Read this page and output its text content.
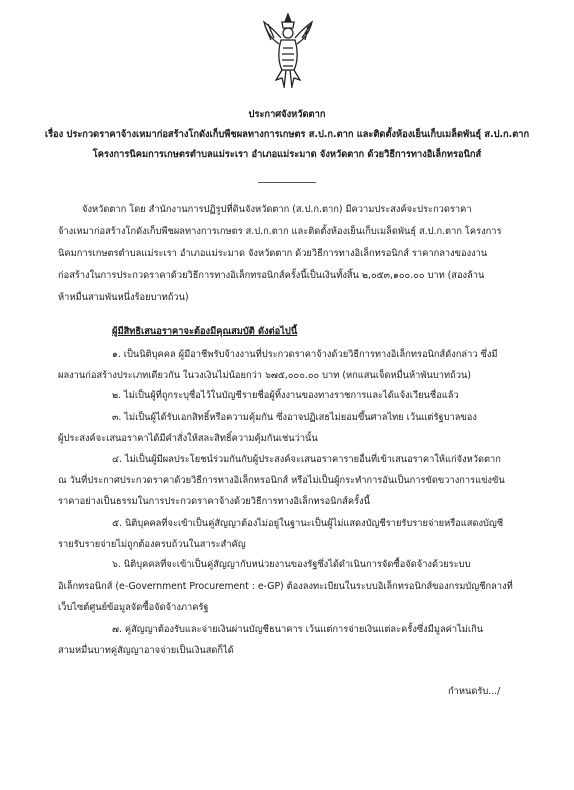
ประกาศจังหวัดตาก
เรื่อง ประกวดราคาจ้างเหมาก่อสร้างโกดังเก็บพืชผลทางการเกษตร ส.ป.ก.ตาก และติดตั้งห้องเย็นเก็บเมล็ดพันธุ์ ส.ป.ก.ตาก
โครงการนิคมการเกษตรตำบลแม่ระเรา อำเภอแม่ระมาด จังหวัดตาก ด้วยวิธีการทางอิเล็กทรอนิกส์
จังหวัดตาก โดย สำนักงานการปฏิรูปที่ดินจังหวัดตาก (ส.ป.ก.ตาก) มีความประสงค์จะประกวดราคา
จ้างเหมาก่อสร้างโกดังเก็บพืชผลทางการเกษตร ส.ป.ก.ตาก และติดตั้งห้องเย็นเก็บเมล็ดพันธุ์ ส.ป.ก.ตาก โครงการ
นิคมการเกษตรตำบลแม่ระเรา อำเภอแม่ระมาด จังหวัดตาก ด้วยวิธีการทางอิเล็กทรอนิกส์ ราคากลางของงาน
ก่อสร้างในการประกวดราคาด้วยวิธีการทางอิเล็กทรอนิกส์ครั้งนี้เป็นเงินทั้งสิ้น ๒,๐๕๓,๑๐๐.๐๐ บาท (สองล้าน
ห้าหมื่นสามพันหนึ่งร้อยบาทถ้วน)
ผู้มีสิทธิเสนอราคาจะต้องมีคุณสมบัติ ดังต่อไปนี้
๑. เป็นนิติบุคคล ผู้มีอาชีพรับจ้างงานที่ประกวดราคาจ้างด้วยวิธีการทางอิเล็กทรอนิกส์ดังกล่าว ซึ่งมี
ผลงานก่อสร้างประเภทเดียวกัน ในวงเงินไม่น้อยกว่า ๖๗๕,๐๐๐.๐๐ บาท (หกแสนเจ็ดหมื่นห้าพันบาทถ้วน)
๒. ไม่เป็นผู้ที่ถูกระบุชื่อไว้ในบัญชีรายชื่อผู้ทิ้งงานของทางราชการและได้แจ้งเวียนชื่อแล้ว
๓. ไม่เป็นผู้ได้รับเอกสิทธิ์หรือความคุ้มกัน ซึ่งอาจปฏิเสธไม่ยอมขึ้นศาลไทย เว้นแต่รัฐบาลของ
ผู้ประสงค์จะเสนอราคาได้มีคำสั่งให้สละสิทธิ์ความคุ้มกันเช่นว่านั้น
๔. ไม่เป็นผู้มีผลประโยชน์ร่วมกันกับผู้ประสงค์จะเสนอราคารายอื่นที่เข้าเสนอราคาให้แก่จังหวัดตาก
ณ วันที่ประกาศประกวดราคาด้วยวิธีการทางอิเล็กทรอนิกส์ หรือไม่เป็นผู้กระทำการอันเป็นการขัดขวางการแข่งขัน
ราคาอย่างเป็นธรรมในการประกวดราคาจ้างด้วยวิธีการทางอิเล็กทรอนิกส์ครั้งนี้
๕. นิติบุคคลที่จะเข้าเป็นคู่สัญญาต้องไม่อยู่ในฐานะเป็นผู้ไม่แสดงบัญชีรายรับรายจ่ายหรือแสดงบัญชี
รายรับรายจ่ายไม่ถูกต้องครบถ้วนในสาระสำคัญ
๖. นิติบุคคลที่จะเข้าเป็นคู่สัญญากับหน่วยงานของรัฐซึ่งได้ดำเนินการจัดซื้อจัดจ้างด้วยระบบ
อิเล็กทรอนิกส์ (e-Government Procurement : e-GP) ต้องลงทะเบียนในระบบอิเล็กทรอนิกส์ของกรมบัญชีกลางที่
เว็บไซต์ศูนย์ข้อมูลจัดซื้อจัดจ้างภาครัฐ
๗. คู่สัญญาต้องรับและจ่ายเงินผ่านบัญชีธนาคาร เว้นแต่การจ่ายเงินแต่ละครั้งซึ่งมีมูลค่าไม่เกิน
สามหมื่นบาทคู่สัญญาอาจจ่ายเป็นเงินสดก็ได้
กำหนดรับ.../
